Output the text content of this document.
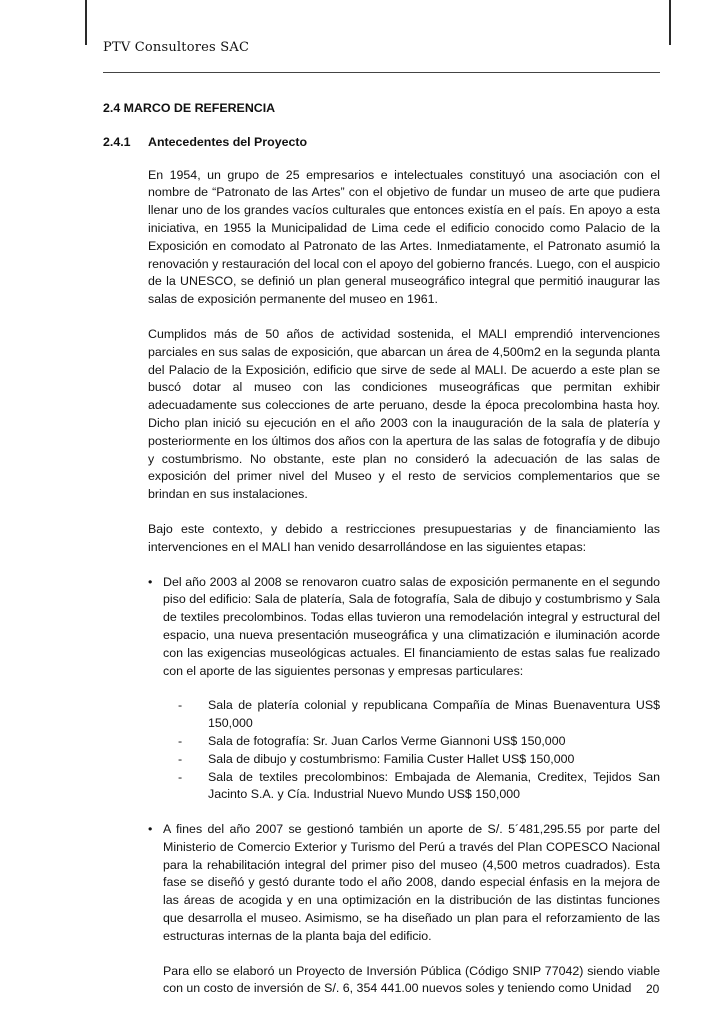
PTV Consultores SAC
2.4 MARCO DE REFERENCIA
2.4.1	Antecedentes del Proyecto

En 1954, un grupo de 25 empresarios e intelectuales constituyó una asociación con el nombre de “Patronato de las Artes” con el objetivo de fundar un museo de arte que pudiera llenar uno de los grandes vacíos culturales que entonces existía en el país. En apoyo a esta iniciativa, en 1955 la Municipalidad de Lima cede el edificio conocido como Palacio de la Exposición en comodato al Patronato de las Artes. Inmediatamente, el Patronato asumió la renovación y restauración del local con el apoyo del gobierno francés. Luego, con el auspicio de la UNESCO, se definió un plan general museográfico integral que permitió inaugurar las salas de exposición permanente del museo en 1961.

Cumplidos más de 50 años de actividad sostenida, el MALI emprendió intervenciones parciales en sus salas de exposición, que abarcan un área de 4,500m2 en la segunda planta del Palacio de la Exposición, edificio que sirve de sede al MALI. De acuerdo a este plan se buscó dotar al museo con las condiciones museográficas que permitan exhibir adecuadamente sus colecciones de arte peruano, desde la época precolombina hasta hoy. Dicho plan inició su ejecución en el año 2003 con la inauguración de la sala de platería y posteriormente en los últimos dos años con la apertura de las salas de fotografía y de dibujo y costumbrismo. No obstante, este plan no consideró la adecuación de las salas de exposición del primer nivel del Museo y el resto de servicios complementarios que se brindan en sus instalaciones.

Bajo este contexto, y debido a restricciones presupuestarias y de financiamiento las intervenciones en el MALI han venido desarrollándose en las siguientes etapas:

• Del año 2003 al 2008 se renovaron cuatro salas de exposición permanente en el segundo piso del edificio: Sala de platería, Sala de fotografía, Sala de dibujo y costumbrismo y Sala de textiles precolombinos. Todas ellas tuvieron una remodelación integral y estructural del espacio, una nueva presentación museográfica y una climatización e iluminación acorde con las exigencias museológicas actuales. El financiamiento de estas salas fue realizado con el aporte de las siguientes personas y empresas particulares:

- Sala de platería colonial y republicana Compañía de Minas Buenaventura US$ 150,000
- Sala de fotografía: Sr. Juan Carlos Verme Giannoni US$ 150,000
- Sala de dibujo y costumbrismo: Familia Custer Hallet US$ 150,000
- Sala de textiles precolombinos: Embajada de Alemania, Creditex, Tejidos San Jacinto S.A. y Cía. Industrial Nuevo Mundo US$ 150,000
• A fines del año 2007 se gestionó también un aporte de S/. 5´481,295.55 por parte del Ministerio de Comercio Exterior y Turismo del Perú a través del Plan COPESCO Nacional para la rehabilitación integral del primer piso del museo (4,500 metros cuadrados). Esta fase se diseñó y gestó durante todo el año 2008, dando especial énfasis en la mejora de las áreas de acogida y en una optimización en la distribución de las distintas funciones que desarrolla el museo. Asimismo, se ha diseñado un plan para el reforzamiento de las estructuras internas de la planta baja del edificio.

Para ello se elaboró un Proyecto de Inversión Pública (Código SNIP 77042) siendo viable con un costo de inversión de S/. 6, 354 441.00 nuevos soles y teniendo como Unidad	20
